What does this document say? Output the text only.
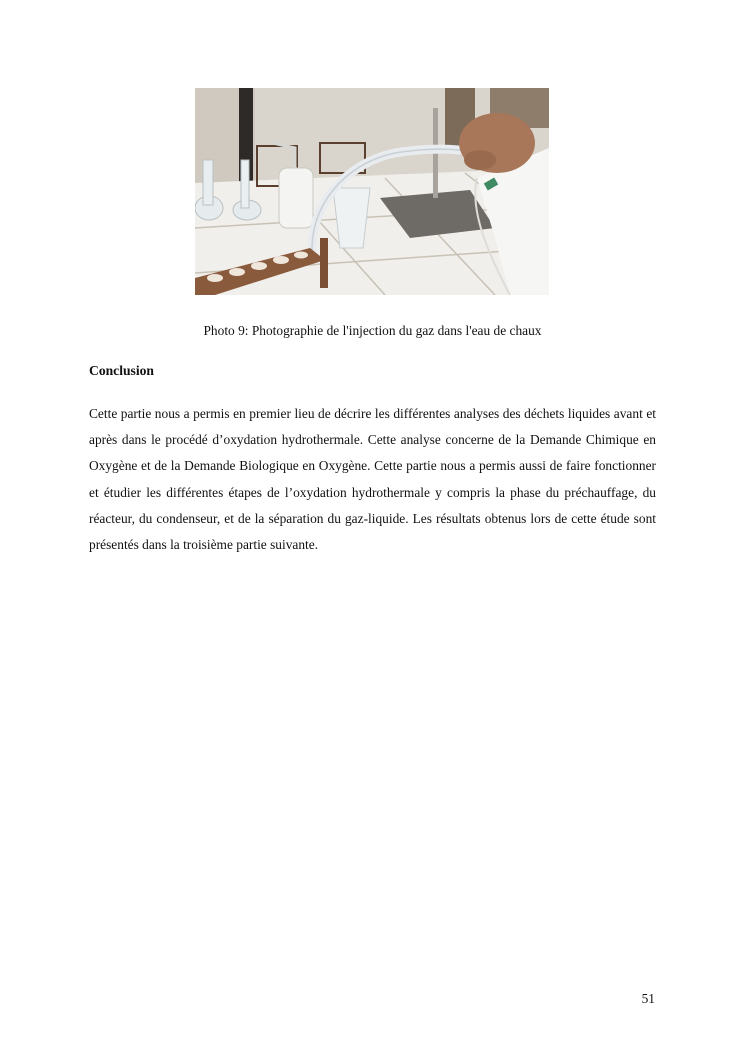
Photo 9: Photographie de l'injection du gaz dans l'eau de chaux
Conclusion

Cette partie nous a permis en premier lieu de décrire les différentes analyses des déchets liquides avant et après dans le procédé d’oxydation hydrothermale. Cette analyse concerne de la Demande Chimique en Oxygène et de la Demande Biologique en Oxygène. Cette partie nous a permis aussi de faire fonctionner et étudier les différentes étapes de l’oxydation hydrothermale y compris la phase du préchauffage, du réacteur, du condenseur, et de la séparation du gaz-liquide. Les résultats obtenus lors de cette étude sont présentés dans la troisième partie suivante.

51
